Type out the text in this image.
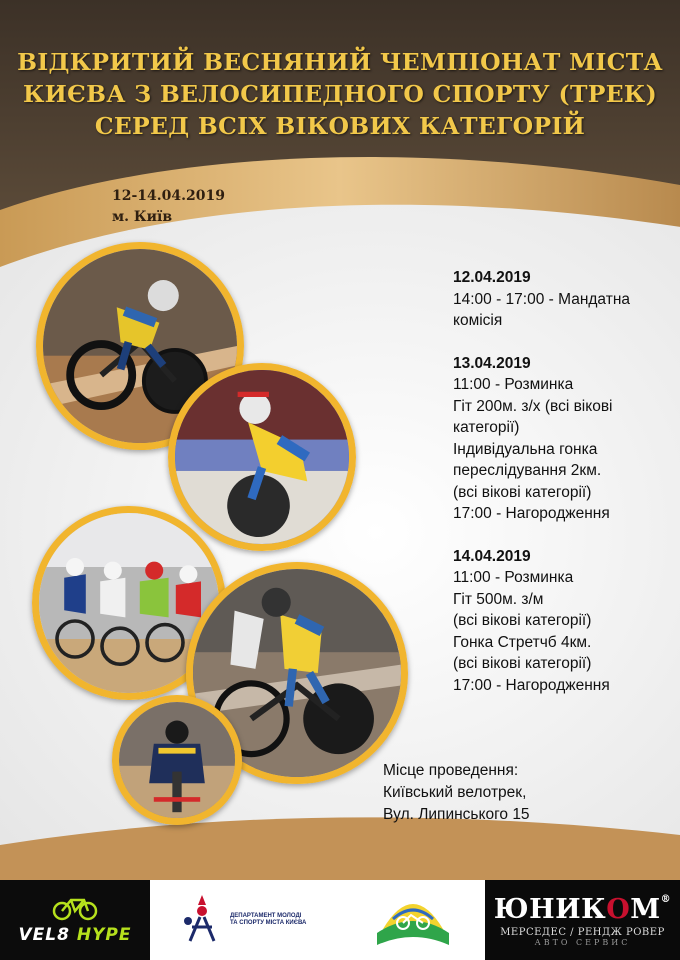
ВІДКРИТИЙ ВЕСНЯНИЙ ЧЕМПІОНАТ МІСТА
КИЄВА З ВЕЛОСИПЕДНОГО СПОРТУ (ТРЕК)
СЕРЕД ВСІХ ВІКОВИХ КАТЕГОРІЙ
12-14.04.2019
м. Київ
12.04.2019
14:00 - 17:00 - Мандатна
комісія
13.04.2019
11:00 - Розминка
Гіт 200м. з/х (всі вікові
категорії)
Індивідуальна гонка
переслідування 2км.
(всі вікові категорії)
17:00 - Нагородження
14.04.2019
11:00 - Розминка
Гіт 500м. з/м
(всі вікові категорії)
Гонка Стретчб 4км.
(всі вікові категорії)
17:00 - Нагородження
Місце проведення:
Київський велотрек,
Вул. Липинського 15
VEL8 HYPE
ДЕПАРТАМЕНТ МОЛОДІ ТА СПОРТУ МІСТА КИЄВА	ЮНИКОМ®
МЕРСЕДЕС / РЕНДЖ РОВЕР
АВТО СЕРВИС
